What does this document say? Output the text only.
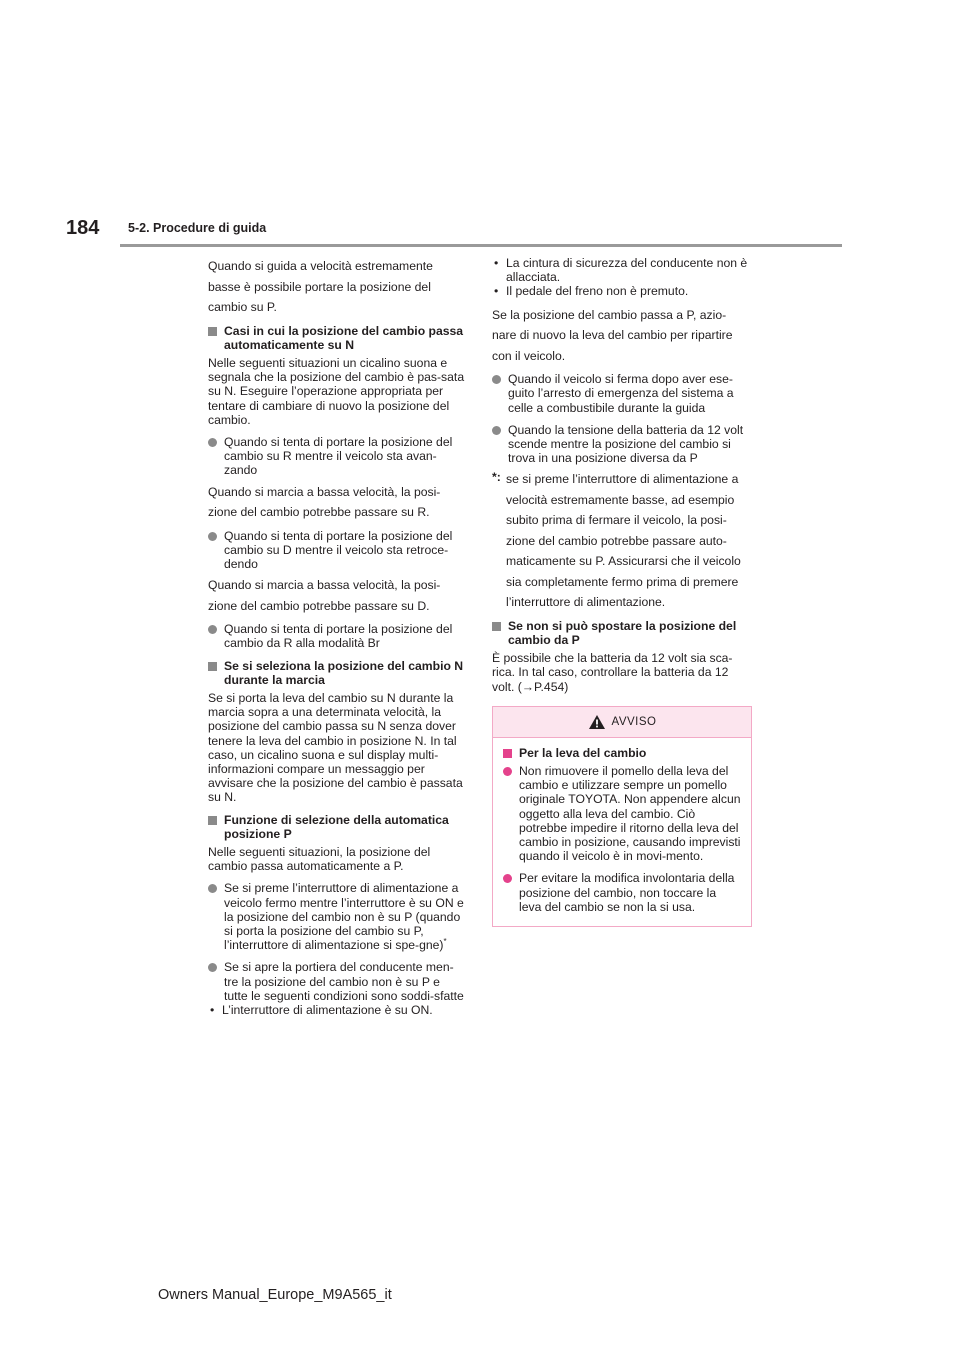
184 5-2. Procedure di guida

Quando si guida a velocità estremamente basse è possibile portare la posizione del cambio su P.

Casi in cui la posizione del cambio passa automaticamente su N

Nelle seguenti situazioni un cicalino suona e segnala che la posizione del cambio è pas-sata su N. Eseguire l’operazione appropriata per tentare di cambiare di nuovo la posizione del cambio.

Quando si tenta di portare la posizione del cambio su R mentre il veicolo sta avan-zando

Quando si marcia a bassa velocità, la posi-zione del cambio potrebbe passare su R.

Quando si tenta di portare la posizione del cambio su D mentre il veicolo sta retroce-dendo

Quando si marcia a bassa velocità, la posi-zione del cambio potrebbe passare su D.

Quando si tenta di portare la posizione del cambio da R alla modalità Br
Se si seleziona la posizione del cambio N durante la marcia

Se si porta la leva del cambio su N durante la marcia sopra a una determinata velocità, la posizione del cambio passa su N senza dover tenere la leva del cambio in posizione N. In tal caso, un cicalino suona e sul display multi-informazioni compare un messaggio per avvisare che la posizione del cambio è passata su N.

Funzione di selezione della automatica posizione P

Nelle seguenti situazioni, la posizione del cambio passa automaticamente a P.

Se si preme l’interruttore di alimentazione a veicolo fermo mentre l’interruttore è su ON e la posizione del cambio non è su P (quando si porta la posizione del cambio su P, l’interruttore di alimentazione si spe-gne)*
Se si apre la portiera del conducente men-tre la posizione del cambio non è su P e tutte le seguenti condizioni sono soddi-sfatte
• L’interruttore di alimentazione è su ON.
• La cintura di sicurezza del conducente non è allacciata.
• Il pedale del freno non è premuto.

Se la posizione del cambio passa a P, azio-nare di nuovo la leva del cambio per ripartire con il veicolo.

Quando il veicolo si ferma dopo aver ese-guito l’arresto di emergenza del sistema a celle a combustibile durante la guida
Quando la tensione della batteria da 12 volt scende mentre la posizione del cambio si trova in una posizione diversa da P
*: se si preme l’interruttore di alimentazione a velocità estremamente basse, ad esempio subito prima di fermare il veicolo, la posi-zione del cambio potrebbe passare auto-maticamente su P. Assicurarsi che il veicolo sia completamente fermo prima di premere l’interruttore di alimentazione.
Se non si può spostare la posizione del cambio da P

È possibile che la batteria da 12 volt sia sca-rica. In tal caso, controllare la batteria da 12 volt. (→P.454)

AVVISO
Per la leva del cambio
Non rimuovere il pomello della leva del cambio e utilizzare sempre un pomello originale TOYOTA. Non appendere alcun oggetto alla leva del cambio. Ciò potrebbe impedire il ritorno della leva del cambio in posizione, causando imprevisti quando il veicolo è in movi-mento.
Per evitare la modifica involontaria della posizione del cambio, non toccare la leva del cambio se non la si usa.
Owners Manual_Europe_M9A565_it
